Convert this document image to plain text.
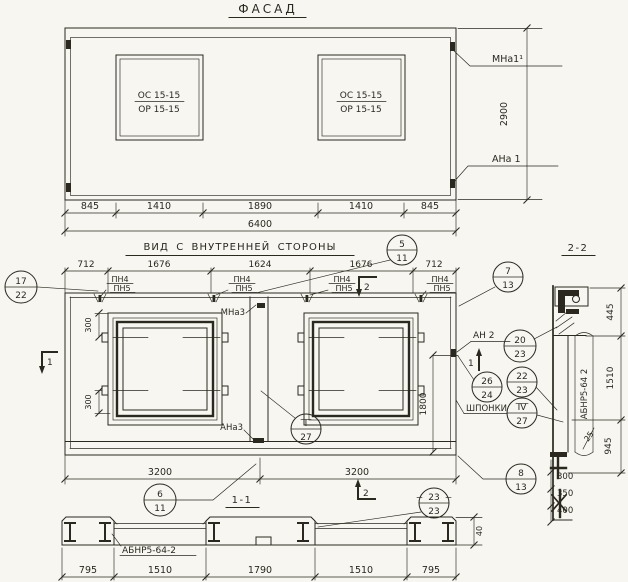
ФАСАД
ОС 15-15
ОР 15-15
ОС 15-15
ОР 15-15
МНа1¹
АНа 1
2900
845	1410	1890	1410	845
6400
ВИД С ВНУТРЕННЕЙ СТОРОНЫ
712	1676	1624	1676	712
ПН4
ПН5
ПН4
ПН5
ПН4
ПН5
ПН4
ПН5
300
300
МНа3
АНа3
1	1
2
2
АН 2
1800
3200	3200
ШПОНКИ
17
22
5
11
7
13
20
23
22
23
26
24
IV
27
I
27
8
13
6
11
23
23
2-2
АБНР5-64 2
445
1510
945
25
300
350
400
1-1
АБНР5-64-2
40
795	1510	1790	1510	795
